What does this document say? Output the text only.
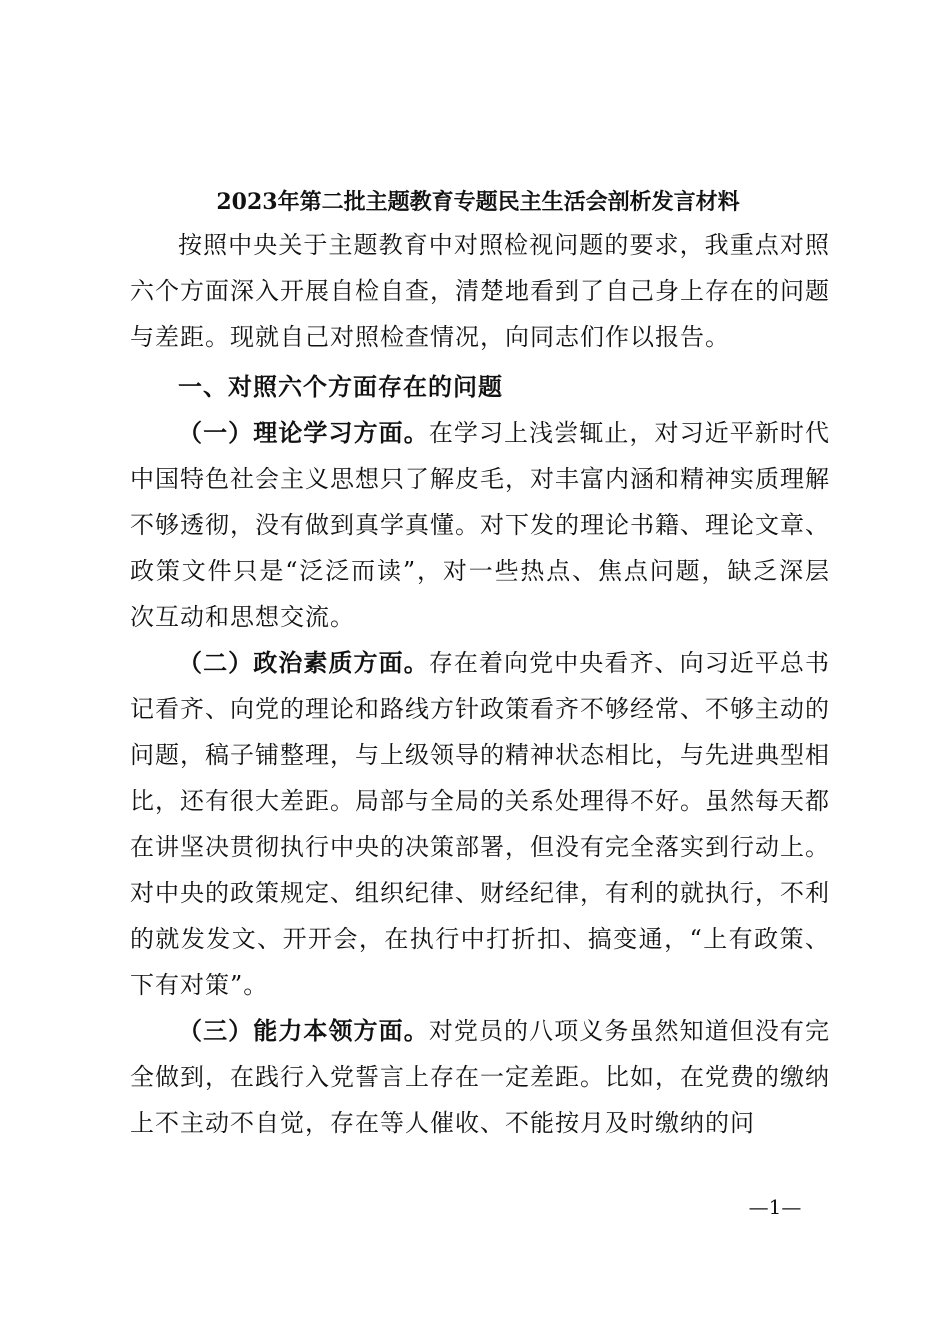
2023年第二批主题教育专题民主生活会剖析发言材料

按照中央关于主题教育中对照检视问题的要求，我重点对照六个方面深入开展自检自查，清楚地看到了自己身上存在的问题与差距。现就自己对照检查情况，向同志们作以报告。

一、对照六个方面存在的问题

（一）理论学习方面。在学习上浅尝辄止，对习近平新时代中国特色社会主义思想只了解皮毛，对丰富内涵和精神实质理解不够透彻，没有做到真学真懂。对下发的理论书籍、理论文章、政策文件只是“泛泛而读”，对一些热点、焦点问题，缺乏深层次互动和思想交流。

（二）政治素质方面。存在着向党中央看齐、向习近平总书记看齐、向党的理论和路线方针政策看齐不够经常、不够主动的问题，稿子铺整理，与上级领导的精神状态相比，与先进典型相比，还有很大差距。局部与全局的关系处理得不好。虽然每天都在讲坚决贯彻执行中央的决策部署，但没有完全落实到行动上。对中央的政策规定、组织纪律、财经纪律，有利的就执行，不利的就发发文、开开会，在执行中打折扣、搞变通，“上有政策、下有对策”。

（三）能力本领方面。对党员的八项义务虽然知道但没有完全做到，在践行入党誓言上存在一定差距。比如，在党费的缴纳上不主动不自觉，存在等人催收、不能按月及时缴纳的问

—1—
